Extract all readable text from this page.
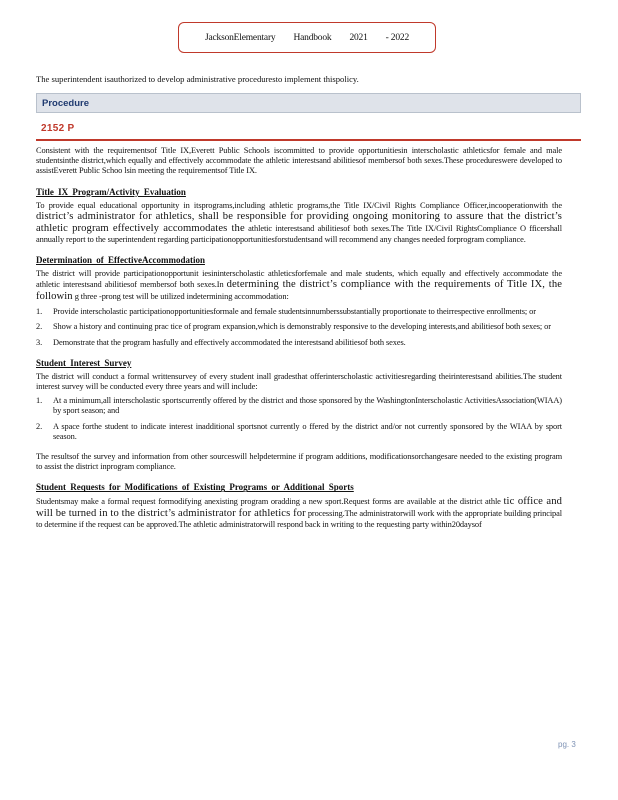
JacksonElementary Handbook 2021 - 2022
The superintendent isauthorized to develop administrative proceduresto implement thispolicy.
Procedure
2152 P

Consistent with the requirementsof Title IX,Everett Public Schools iscommitted to provide opportunitiesin interscholastic athleticsfor female and male studentsinthe district,which equally and effectively accommodate the athletic interestsand abilitiesof membersof both sexes.These procedureswere developed to assistEverett Public Schoo lsin meeting the requirementsof Title IX.

Title IX Program/Activity Evaluation

To provide equal educational opportunity in itsprograms,including athletic programs,the Title IX/Civil Rights Compliance Officer,incooperationwith the district’s administrator for athletics, shall be responsible for providing ongoing monitoring to assure that the district’s athletic program effectively accommodates the athletic interestsand abilitiesof both sexes.The Title IX/Civil RightsCompliance O fficershall annually report to the superintendent regarding participationopportunitiesforstudentsand will recommend any changes needed forprogram compliance.

Determination of EffectiveAccommodation

The district will provide participationopportunit iesininterscholastic athleticsforfemale and male students, which equally and effectively accommodate the athletic interestsand abilitiesof membersof both sexes.In determining the district’s compliance with the requirements of Title IX, the followin g three -prong test will be utilized indetermining accommodation:

1. Provide interscholastic participationopportunitiesformale and female studentsinnumberssubstantially proportionate to theirrespective enrollments; or
2. Show a history and continuing prac tice of program expansion,which is demonstrably responsive to the developing interests,and abilitiesof both sexes; or
3. Demonstrate that the program hasfully and effectively accommodated the interestsand abilitiesof both sexes.
Student Interest Survey

The district will conduct a formal writtensurvey of every student inall gradesthat offerinterscholastic activitiesregarding theirinterestsand abilities.The student interest survey will be conducted every three years and will include:

1. At a minimum,all interscholastic sportscurrently offered by the district and those sponsored by the WashingtonInterscholastic ActivitiesAssociation(WIAA) by sport season; and
2. A space forthe student to indicate interest inadditional sportsnot currently o ffered by the district and/or not currently sponsored by the WIAA by sport season.

The resultsof the survey and information from other sourceswill helpdetermine if program additions, modificationsorchangesare needed to the existing program to assist the district inprogram compliance.

Student Requests for Modifications of Existing Programs or Additional Sports

Studentsmay make a formal request formodifying anexisting program oradding a new sport.Request forms are available at the district athle tic office and will be turned in to the district’s administrator for athletics for processing.The administratorwill work with the appropriate building principal to determine if the request can be approved.The athletic administratorwill respond back in writing to the requesting party within20daysof

pg. 3
